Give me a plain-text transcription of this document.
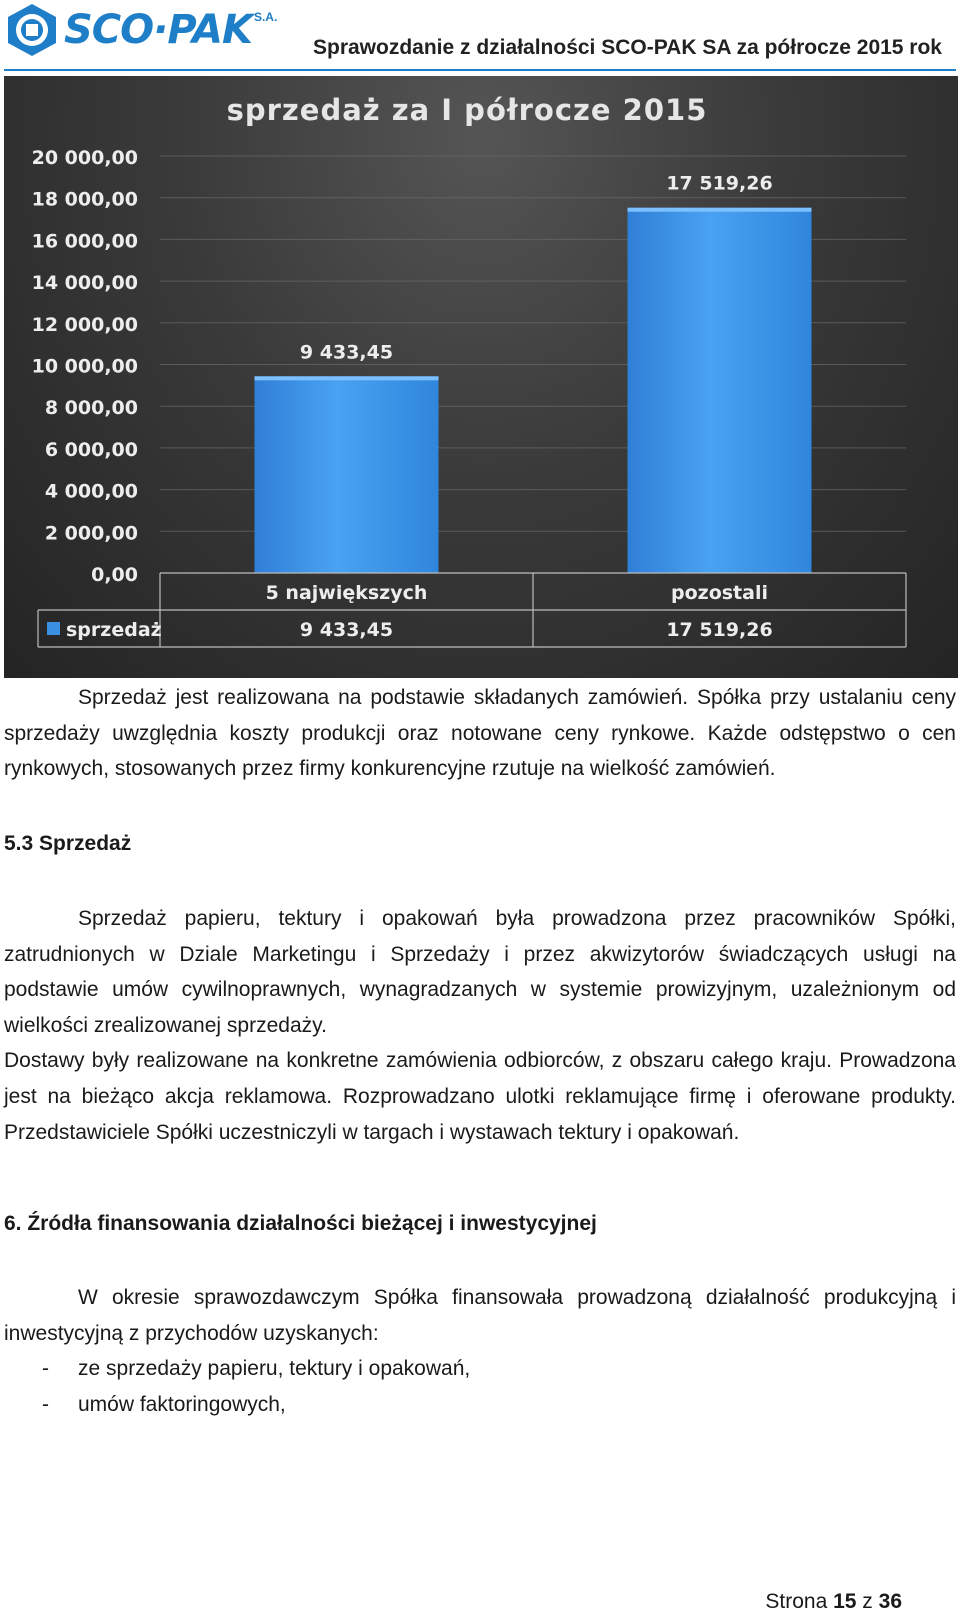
SCO·PAK S.A.
Sprawozdanie z działalności SCO-PAK SA za półrocze 2015 rok
0,00
2 000,00
4 000,00
6 000,00
8 000,00
10 000,00
12 000,00
14 000,00
16 000,00
18 000,00
20 000,00
sprzedaż za I półrocze 2015
9 433,45
17 519,26
5 największych
9 433,45
pozostali
17 519,26
sprzedaż

Sprzedaż jest realizowana na podstawie składanych zamówień. Spółka przy ustalaniu ceny sprzedaży uwzględnia koszty produkcji oraz notowane ceny rynkowe. Każde odstępstwo o cen rynkowych, stosowanych przez firmy konkurencyjne rzutuje na wielkość zamówień.

5.3 Sprzedaż

Sprzedaż papieru, tektury i opakowań była prowadzona przez pracowników Spółki, zatrudnionych w Dziale Marketingu i Sprzedaży i przez akwizytorów świadczących usługi na podstawie umów cywilnoprawnych, wynagradzanych w systemie prowizyjnym, uzależnionym od wielkości zrealizowanej sprzedaży.

Dostawy były realizowane na konkretne zamówienia odbiorców, z obszaru całego kraju. Prowadzona jest na bieżąco akcja reklamowa. Rozprowadzano ulotki reklamujące firmę i oferowane produkty. Przedstawiciele Spółki uczestniczyli w targach i wystawach tektury i opakowań.

6. Źródła finansowania działalności bieżącej i inwestycyjnej

W okresie sprawozdawczym Spółka finansowała prowadzoną działalność produkcyjną i inwestycyjną z przychodów uzyskanych:

-	ze sprzedaży papieru, tektury i opakowań,
-	umów faktoringowych,
Strona 15 z 36
